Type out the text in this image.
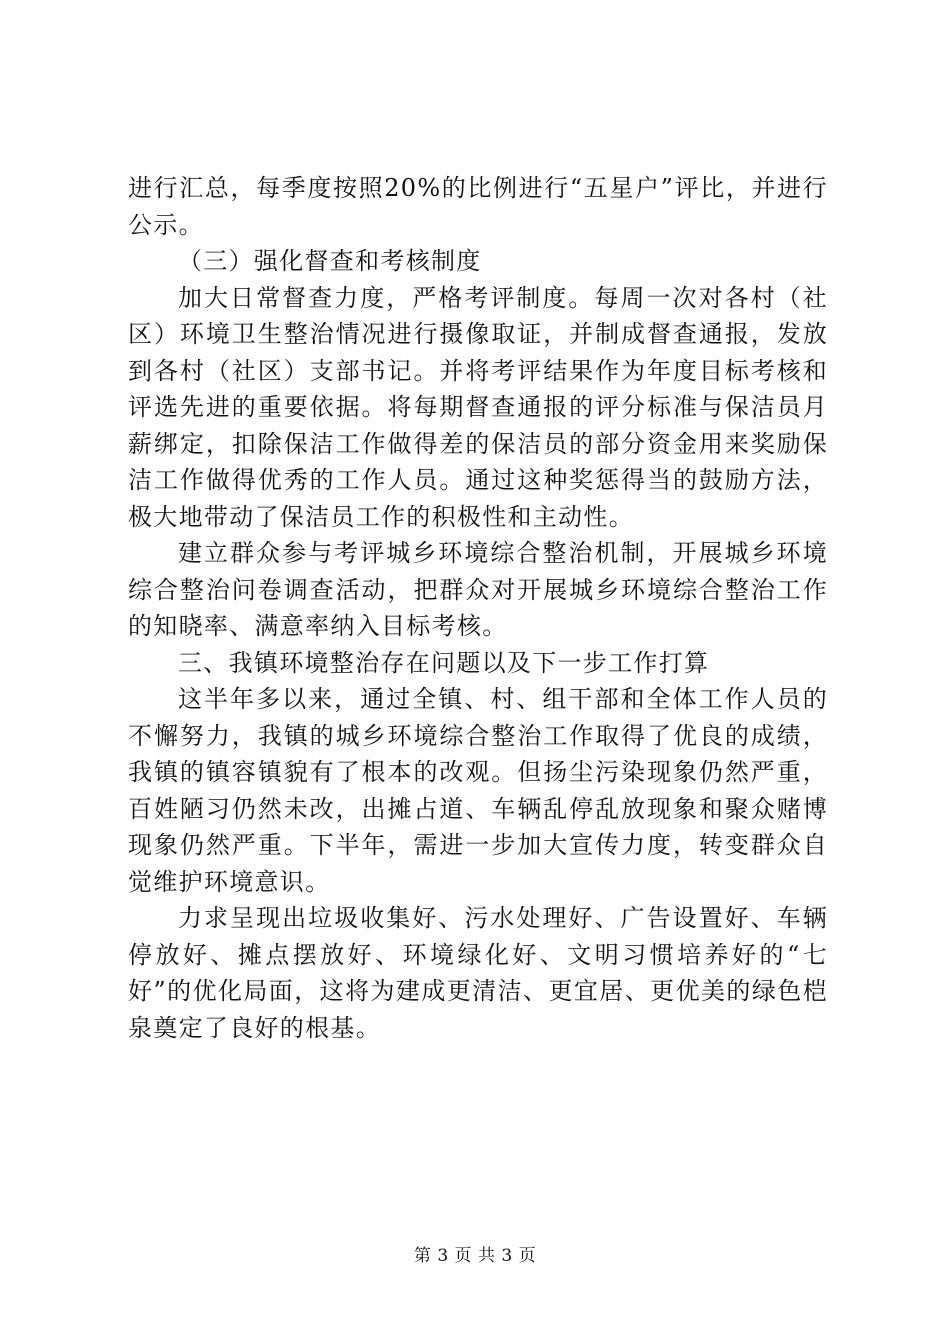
进行汇总，每季度按照20%的比例进行“五星户”评比，并进行公示。

（三）强化督查和考核制度

加大日常督查力度，严格考评制度。每周一次对各村（社区）环境卫生整治情况进行摄像取证，并制成督查通报，发放到各村（社区）支部书记。并将考评结果作为年度目标考核和评选先进的重要依据。将每期督查通报的评分标准与保洁员月薪绑定，扣除保洁工作做得差的保洁员的部分资金用来奖励保洁工作做得优秀的工作人员。通过这种奖惩得当的鼓励方法，极大地带动了保洁员工作的积极性和主动性。

建立群众参与考评城乡环境综合整治机制，开展城乡环境综合整治问卷调查活动，把群众对开展城乡环境综合整治工作的知晓率、满意率纳入目标考核。

三、我镇环境整治存在问题以及下一步工作打算

这半年多以来，通过全镇、村、组干部和全体工作人员的不懈努力，我镇的城乡环境综合整治工作取得了优良的成绩，我镇的镇容镇貌有了根本的改观。但扬尘污染现象仍然严重，百姓陋习仍然未改，出摊占道、车辆乱停乱放现象和聚众赌博现象仍然严重。下半年，需进一步加大宣传力度，转变群众自觉维护环境意识。

力求呈现出垃圾收集好、污水处理好、广告设置好、车辆停放好、摊点摆放好、环境绿化好、文明习惯培养好的“七好”的优化局面，这将为建成更清洁、更宜居、更优美的绿色桤泉奠定了良好的根基。

第 3 页 共 3 页
